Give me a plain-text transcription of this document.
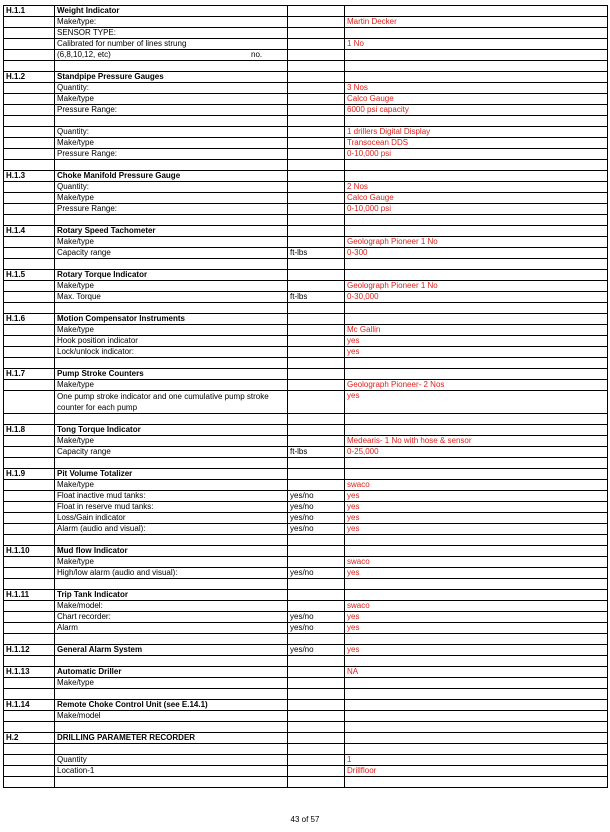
H.1.1	Weight Indicator		
	Make/type:		Martin Decker
	SENSOR TYPE:		
	Calibrated for number of lines strung		1 No
	(6,8,10,12, etc) no.		

H.1.2	Standpipe Pressure Gauges		
	Quantity:		3 Nos
	Make/type		Calco Gauge
	Pressure Range:		6000 psi capacity

	Quantity:		1 drillers Digital Display
	Make/type		Transocean DDS
	Pressure Range:		0-10,000 psi

H.1.3	Choke Manifold Pressure Gauge		
	Quantity:		2 Nos
	Make/type		Calco Gauge
	Pressure Range:		0-10,000 psi

H.1.4	Rotary Speed Tachometer		
	Make/type		Geolograph Pioneer 1 No
	Capacity range	ft-lbs	0-300

H.1.5	Rotary Torque Indicator		
	Make/type		Geolograph Pioneer 1 No
	Max. Torque	ft-lbs	0-30,000

H.1.6	Motion Compensator Instruments		
	Make/type		Mc Gallin
	Hook position indicator		yes
	Lock/unlock indicator:		yes

H.1.7	Pump Stroke Counters		
	Make/type		Geolograph Pioneer- 2 Nos
	One pump stroke indicator and one cumulative pump stroke counter for each pump		yes

H.1.8	Tong Torque Indicator		
	Make/type		Medearis- 1 No with hose & sensor
	Capacity range	ft-lbs	0-25,000

H.1.9	Pit Volume Totalizer		
	Make/type		swaco
	Float inactive mud tanks:	yes/no	yes
	Float in reserve mud tanks:	yes/no	yes
	Loss/Gain indicator	yes/no	yes
	Alarm (audio and visual):	yes/no	yes

H.1.10	Mud flow Indicator		
	Make/type		swaco
	High/low alarm (audio and visual):	yes/no	yes

H.1.11	Trip Tank Indicator		
	Make/model:		swaco
	Chart recorder:	yes/no	yes
	Alarm	yes/no	yes

H.1.12	General Alarm System	yes/no	yes

H.1.13	Automatic Driller		NA
	Make/type		

H.1.14	Remote Choke Control Unit (see E.14.1)		
	Make/model		

H.2	DRILLING PARAMETER RECORDER		

	Quantity		1
	Location-1		Drillfloor

43 of 57
